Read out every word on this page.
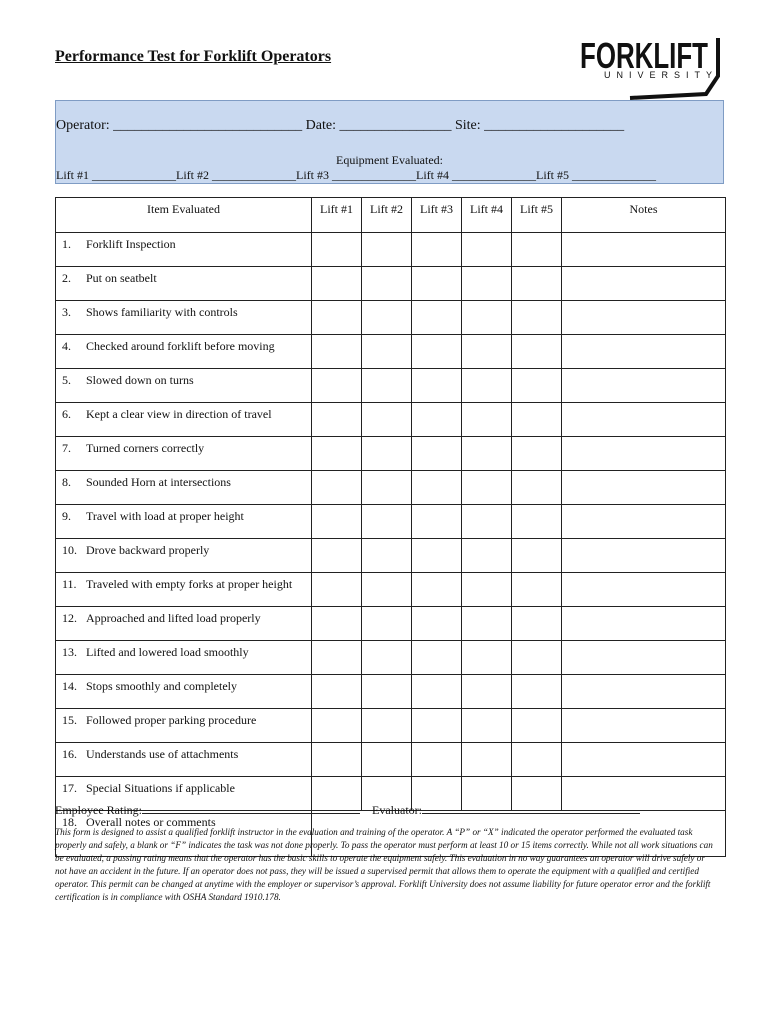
Performance Test for Forklift Operators	FORKLIFT
UNIVERSITY
Operator: ___________________________ Date: ________________ Site: ____________________
Equipment Evaluated:
Lift #1 ______________Lift #2 ______________Lift #3 ______________Lift #4 ______________Lift #5 ______________
Item Evaluated	Lift #1	Lift #2	Lift #3	Lift #4	Lift #5	Notes
1. Forklift Inspection						
2. Put on seatbelt						
3. Shows familiarity with controls						
4. Checked around forklift before moving						
5. Slowed down on turns						
6. Kept a clear view in direction of travel						
7. Turned corners correctly						
8. Sounded Horn at intersections						
9. Travel with load at proper height						
10. Drove backward properly						
11. Traveled with empty forks at proper height						
12. Approached and lifted load properly						
13. Lifted and lowered load smoothly						
14. Stops smoothly and completely						
15. Followed proper parking procedure						
16. Understands use of attachments						
17. Special Situations if applicable						
18. Overall notes or comments						
Employee Rating:	Evaluator:
This form is designed to assist a qualified forklift instructor in the evaluation and training of the operator. A “P” or “X” indicated the operator performed the evaluated task properly and safely, a blank or “F” indicates the task was not done properly. To pass the operator must perform at least 10 or 15 items correctly. While not all work situations can be evaluated, a passing rating means that the operator has the basic skills to operate the equipment safely. This evaluation in no way guarantees an operator will drive safely or not have an accident in the future. If an operator does not pass, they will be issued a supervised permit that allows them to operate the equipment with a qualified and certified operator. This permit can be changed at anytime with the employer or supervisor’s approval. Forklift University does not assume liability for future operator error and the forklift certification is in compliance with OSHA Standard 1910.178.
